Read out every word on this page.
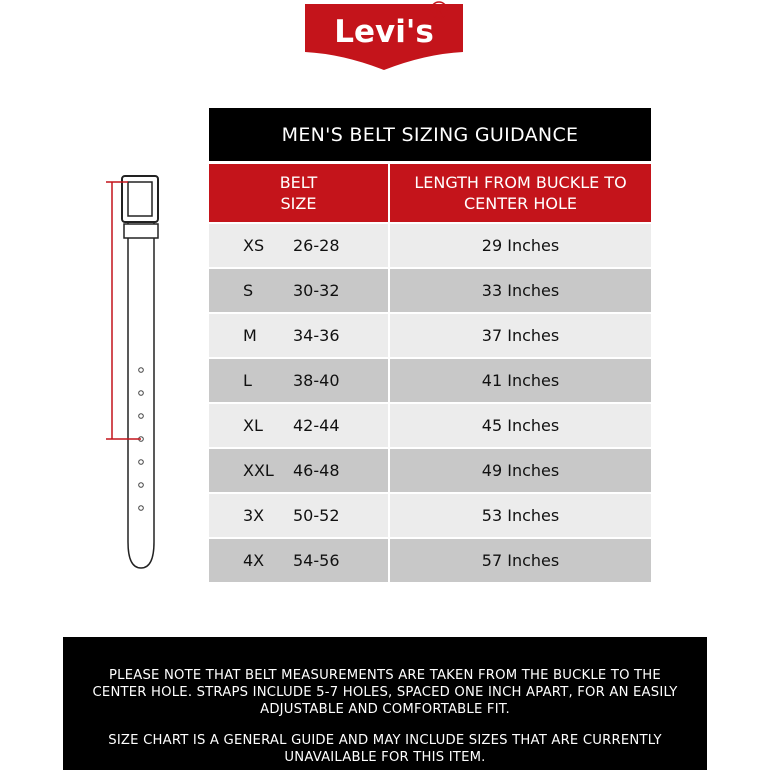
Levi's
R
MEN'S BELT SIZING GUIDANCE
BELT SIZE
LENGTH FROM BUCKLE TO CENTER HOLE
XS	26-28	29 Inches
S	30-32	33 Inches
M	34-36	37 Inches
L	38-40	41 Inches
XL	42-44	45 Inches
XXL	46-48	49 Inches
3X	50-52	53 Inches
4X	54-56	57 Inches

PLEASE NOTE THAT BELT MEASUREMENTS ARE TAKEN FROM THE BUCKLE TO THE CENTER HOLE. STRAPS INCLUDE 5-7 HOLES, SPACED ONE INCH APART, FOR AN EASILY ADJUSTABLE AND COMFORTABLE FIT.

SIZE CHART IS A GENERAL GUIDE AND MAY INCLUDE SIZES THAT ARE CURRENTLY UNAVAILABLE FOR THIS ITEM.
